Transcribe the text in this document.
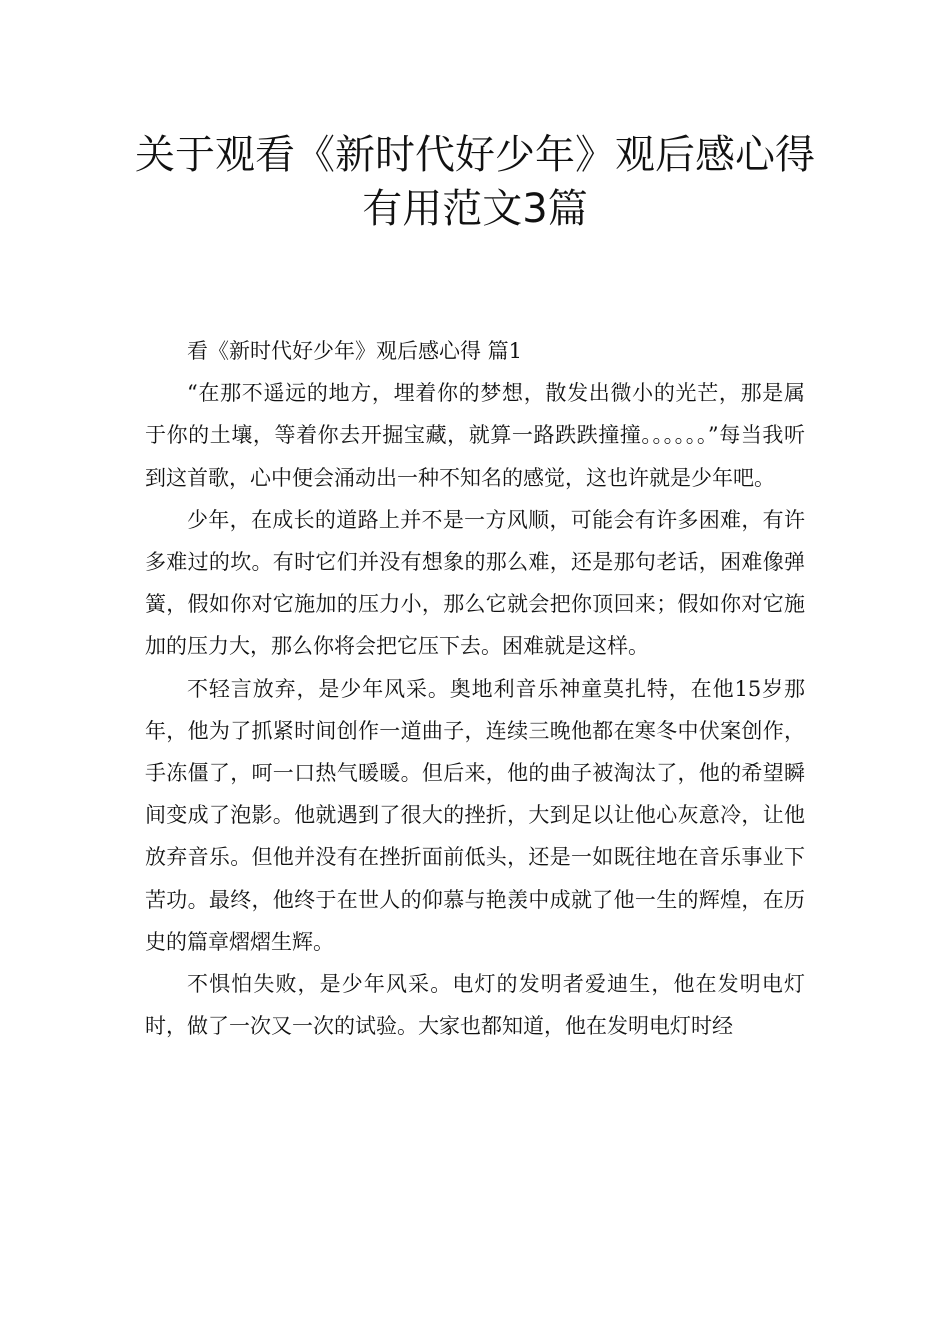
关于观看《新时代好少年》观后感心得
有用范文3篇

看《新时代好少年》观后感心得 篇1

“在那不遥远的地方，埋着你的梦想，散发出微小的光芒，那是属于你的土壤，等着你去开掘宝藏，就算一路跌跌撞撞。。。。。。”每当我听到这首歌，心中便会涌动出一种不知名的感觉，这也许就是少年吧。

少年，在成长的道路上并不是一方风顺，可能会有许多困难，有许多难过的坎。有时它们并没有想象的那么难，还是那句老话，困难像弹簧，假如你对它施加的压力小，那么它就会把你顶回来；假如你对它施加的压力大，那么你将会把它压下去。困难就是这样。

不轻言放弃，是少年风采。奥地利音乐神童莫扎特，在他15岁那年，他为了抓紧时间创作一道曲子，连续三晚他都在寒冬中伏案创作，手冻僵了，呵一口热气暖暖。但后来，他的曲子被淘汰了，他的希望瞬间变成了泡影。他就遇到了很大的挫折，大到足以让他心灰意冷，让他放弃音乐。但他并没有在挫折面前低头，还是一如既往地在音乐事业下苦功。最终，他终于在世人的仰慕与艳羡中成就了他一生的辉煌，在历史的篇章熠熠生辉。

不惧怕失败，是少年风采。电灯的发明者爱迪生，他在发明电灯时，做了一次又一次的试验。大家也都知道，他在发明电灯时经
